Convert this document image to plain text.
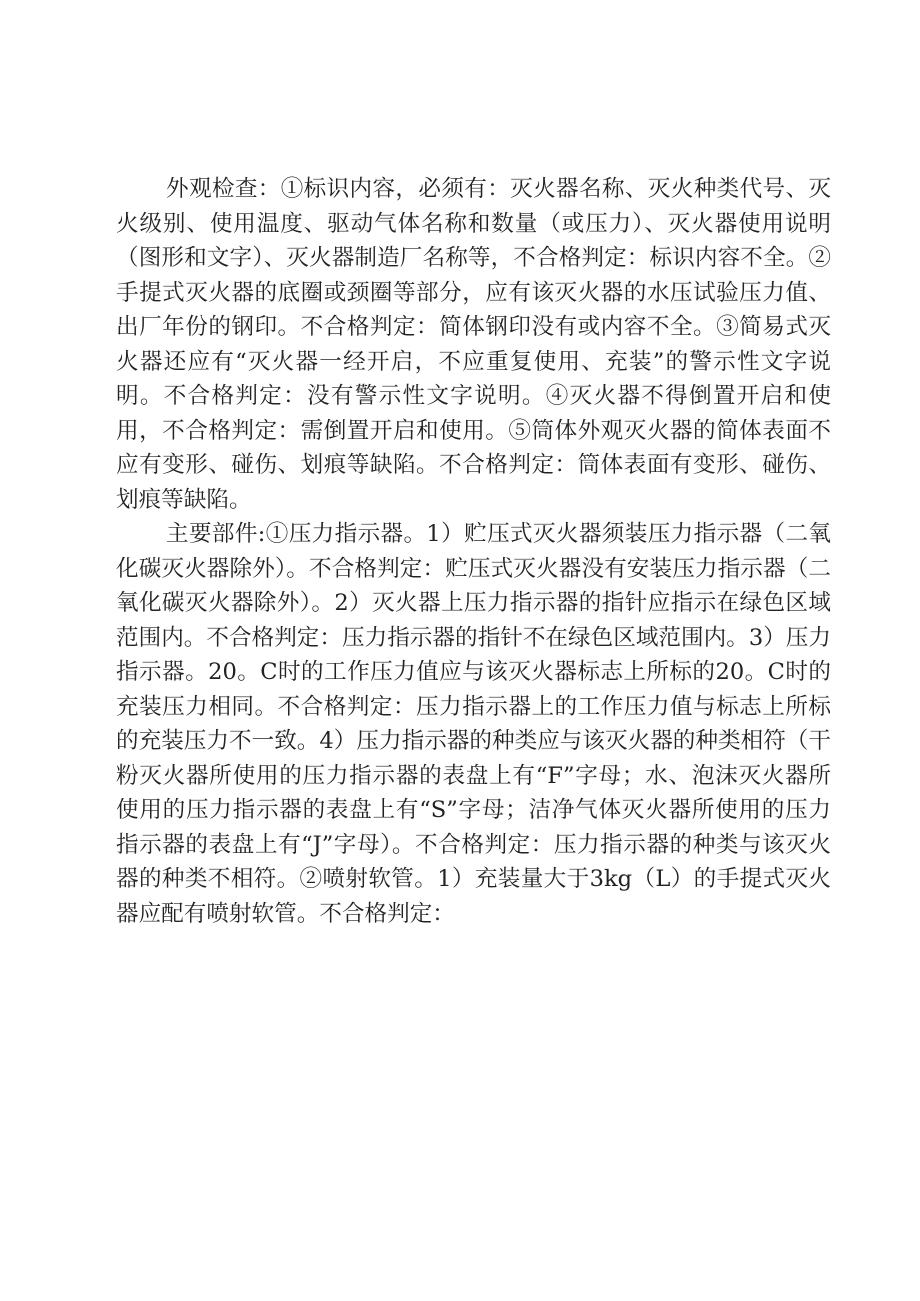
外观检查：①标识内容，必须有：灭火器名称、灭火种类代号、灭火级别、使用温度、驱动气体名称和数量（或压力）、灭火器使用说明（图形和文字）、灭火器制造厂名称等，不合格判定：标识内容不全。②手提式灭火器的底圈或颈圈等部分，应有该灭火器的水压试验压力值、出厂年份的钢印。不合格判定：简体钢印没有或内容不全。③简易式灭火器还应有“灭火器一经开启，不应重复使用、充装”的警示性文字说明。不合格判定：没有警示性文字说明。④灭火器不得倒置开启和使用，不合格判定：需倒置开启和使用。⑤筒体外观灭火器的简体表面不应有变形、碰伤、划痕等缺陷。不合格判定：筒体表面有变形、碰伤、划痕等缺陷。

主要部件:①压力指示器。1）贮压式灭火器须装压力指示器（二氧化碳灭火器除外）。不合格判定：贮压式灭火器没有安装压力指示器（二氧化碳灭火器除外）。2）灭火器上压力指示器的指针应指示在绿色区域范围内。不合格判定：压力指示器的指针不在绿色区域范围内。3）压力指示器。20。C时的工作压力值应与该灭火器标志上所标的20。C时的充装压力相同。不合格判定：压力指示器上的工作压力值与标志上所标的充装压力不一致。4）压力指示器的种类应与该灭火器的种类相符（干粉灭火器所使用的压力指示器的表盘上有“F”字母；水、泡沫灭火器所使用的压力指示器的表盘上有“S”字母；洁净气体灭火器所使用的压力指示器的表盘上有“J”字母）。不合格判定：压力指示器的种类与该灭火器的种类不相符。②喷射软管。1）充装量大于3kg（L）的手提式灭火器应配有喷射软管。不合格判定：
